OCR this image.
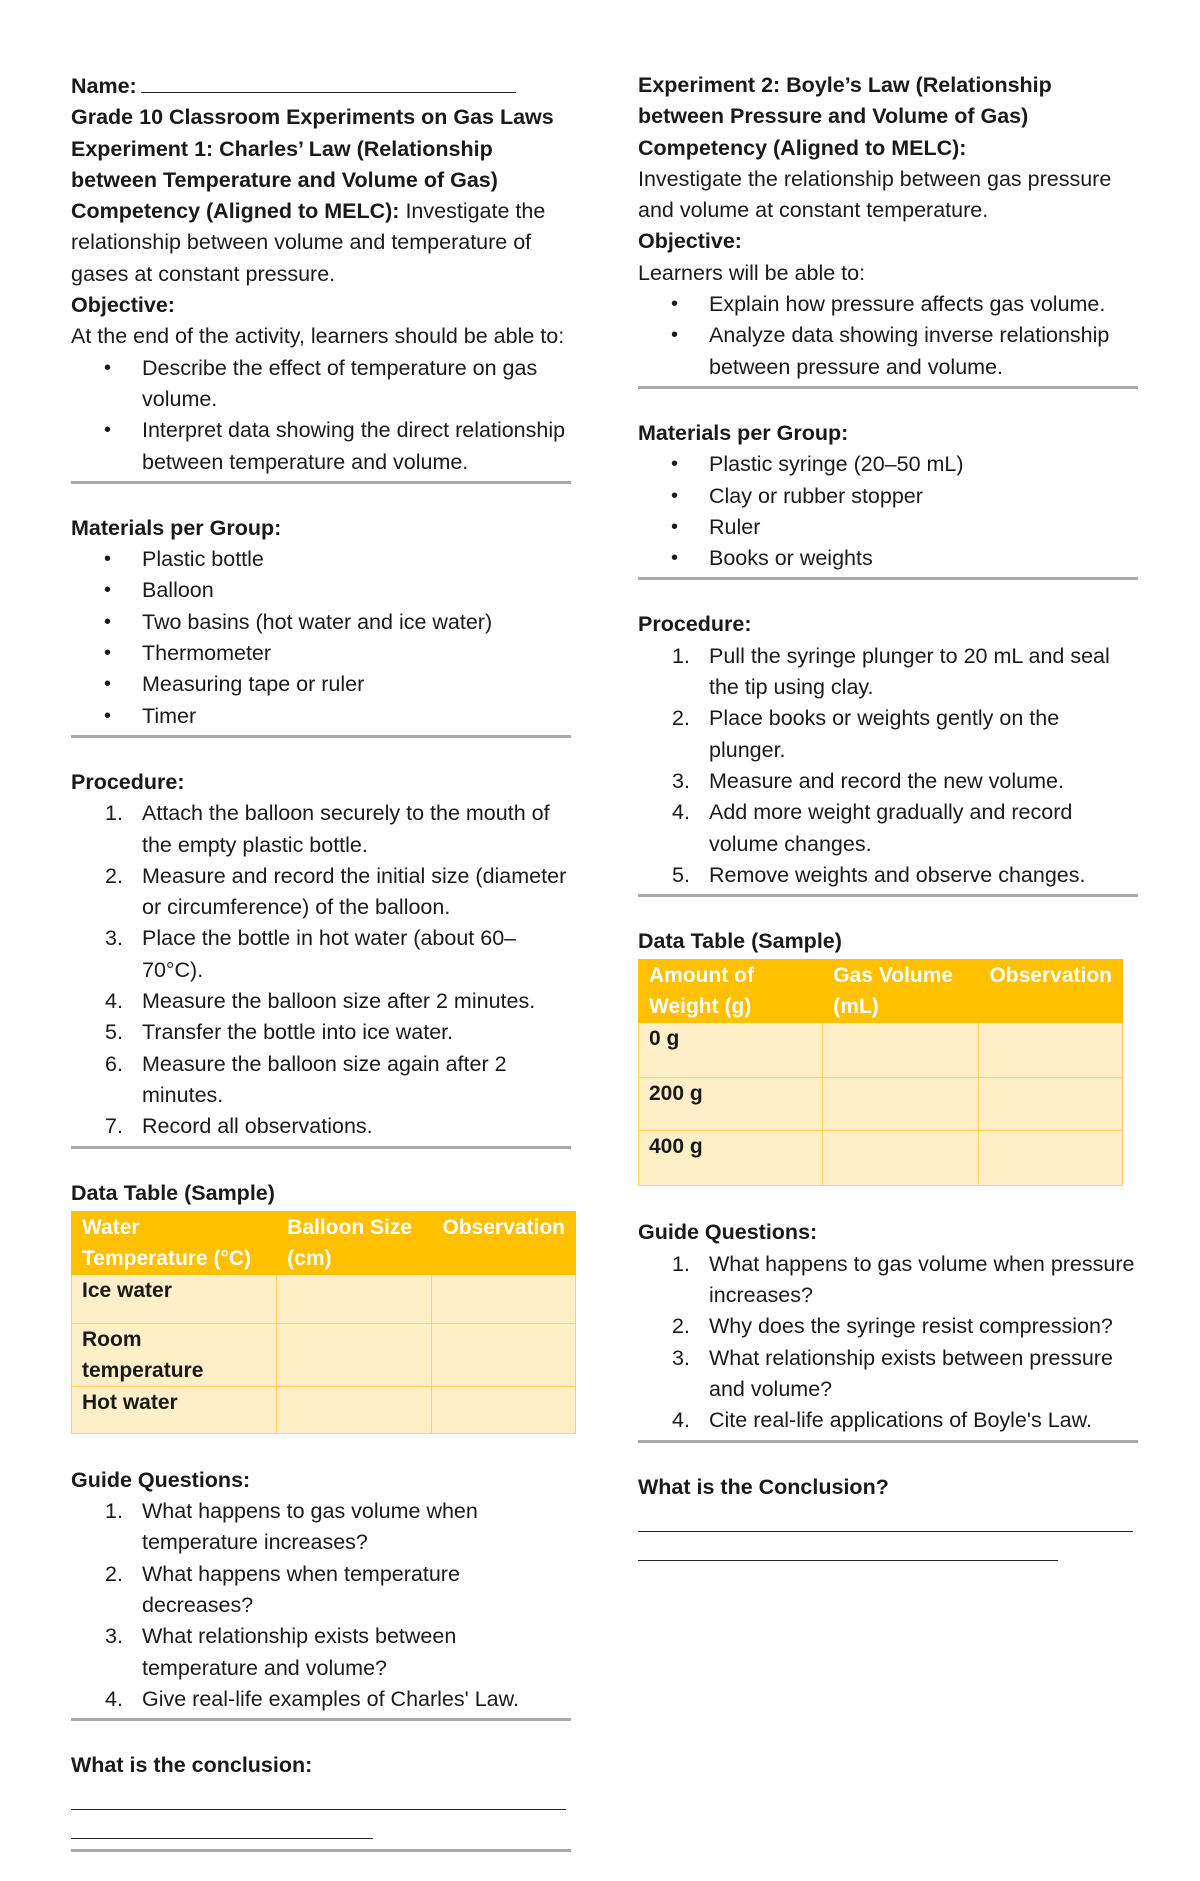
Name:

Grade 10 Classroom Experiments on Gas Laws

Experiment 1: Charles’ Law (Relationship between Temperature and Volume of Gas)

Competency (Aligned to MELC): Investigate the relationship between volume and temperature of gases at constant pressure.

Objective:

At the end of the activity, learners should be able to:

• Describe the effect of temperature on gas volume.
• Interpret data showing the direct relationship between temperature and volume.

Materials per Group:

• Plastic bottle
• Balloon
• Two basins (hot water and ice water)
• Thermometer
• Measuring tape or ruler
• Timer

Procedure:

1. Attach the balloon securely to the mouth of the empty plastic bottle.
2. Measure and record the initial size (diameter or circumference) of the balloon.
3. Place the bottle in hot water (about 60–70°C).
4. Measure the balloon size after 2 minutes.
5. Transfer the bottle into ice water.
6. Measure the balloon size again after 2 minutes.
7. Record all observations.

Data Table (Sample)

Water Temperature (°C)	Balloon Size (cm)	Observation
Ice water		
Room temperature		
Hot water		

Guide Questions:

1. What happens to gas volume when temperature increases?
2. What happens when temperature decreases?
3. What relationship exists between temperature and volume?
4. Give real-life examples of Charles' Law.

What is the conclusion:

Experiment 2: Boyle’s Law (Relationship between Pressure and Volume of Gas)

Competency (Aligned to MELC):

Investigate the relationship between gas pressure and volume at constant temperature.

Objective:

Learners will be able to:

• Explain how pressure affects gas volume.
• Analyze data showing inverse relationship between pressure and volume.

Materials per Group:

• Plastic syringe (20–50 mL)
• Clay or rubber stopper
• Ruler
• Books or weights

Procedure:

1. Pull the syringe plunger to 20 mL and seal the tip using clay.
2. Place books or weights gently on the plunger.
3. Measure and record the new volume.
4. Add more weight gradually and record volume changes.
5. Remove weights and observe changes.

Data Table (Sample)

Amount of Weight (g)	Gas Volume (mL)	Observation
0 g		
200 g		
400 g		

Guide Questions:

1. What happens to gas volume when pressure increases?
2. Why does the syringe resist compression?
3. What relationship exists between pressure and volume?
4. Cite real-life applications of Boyle's Law.

What is the Conclusion?
